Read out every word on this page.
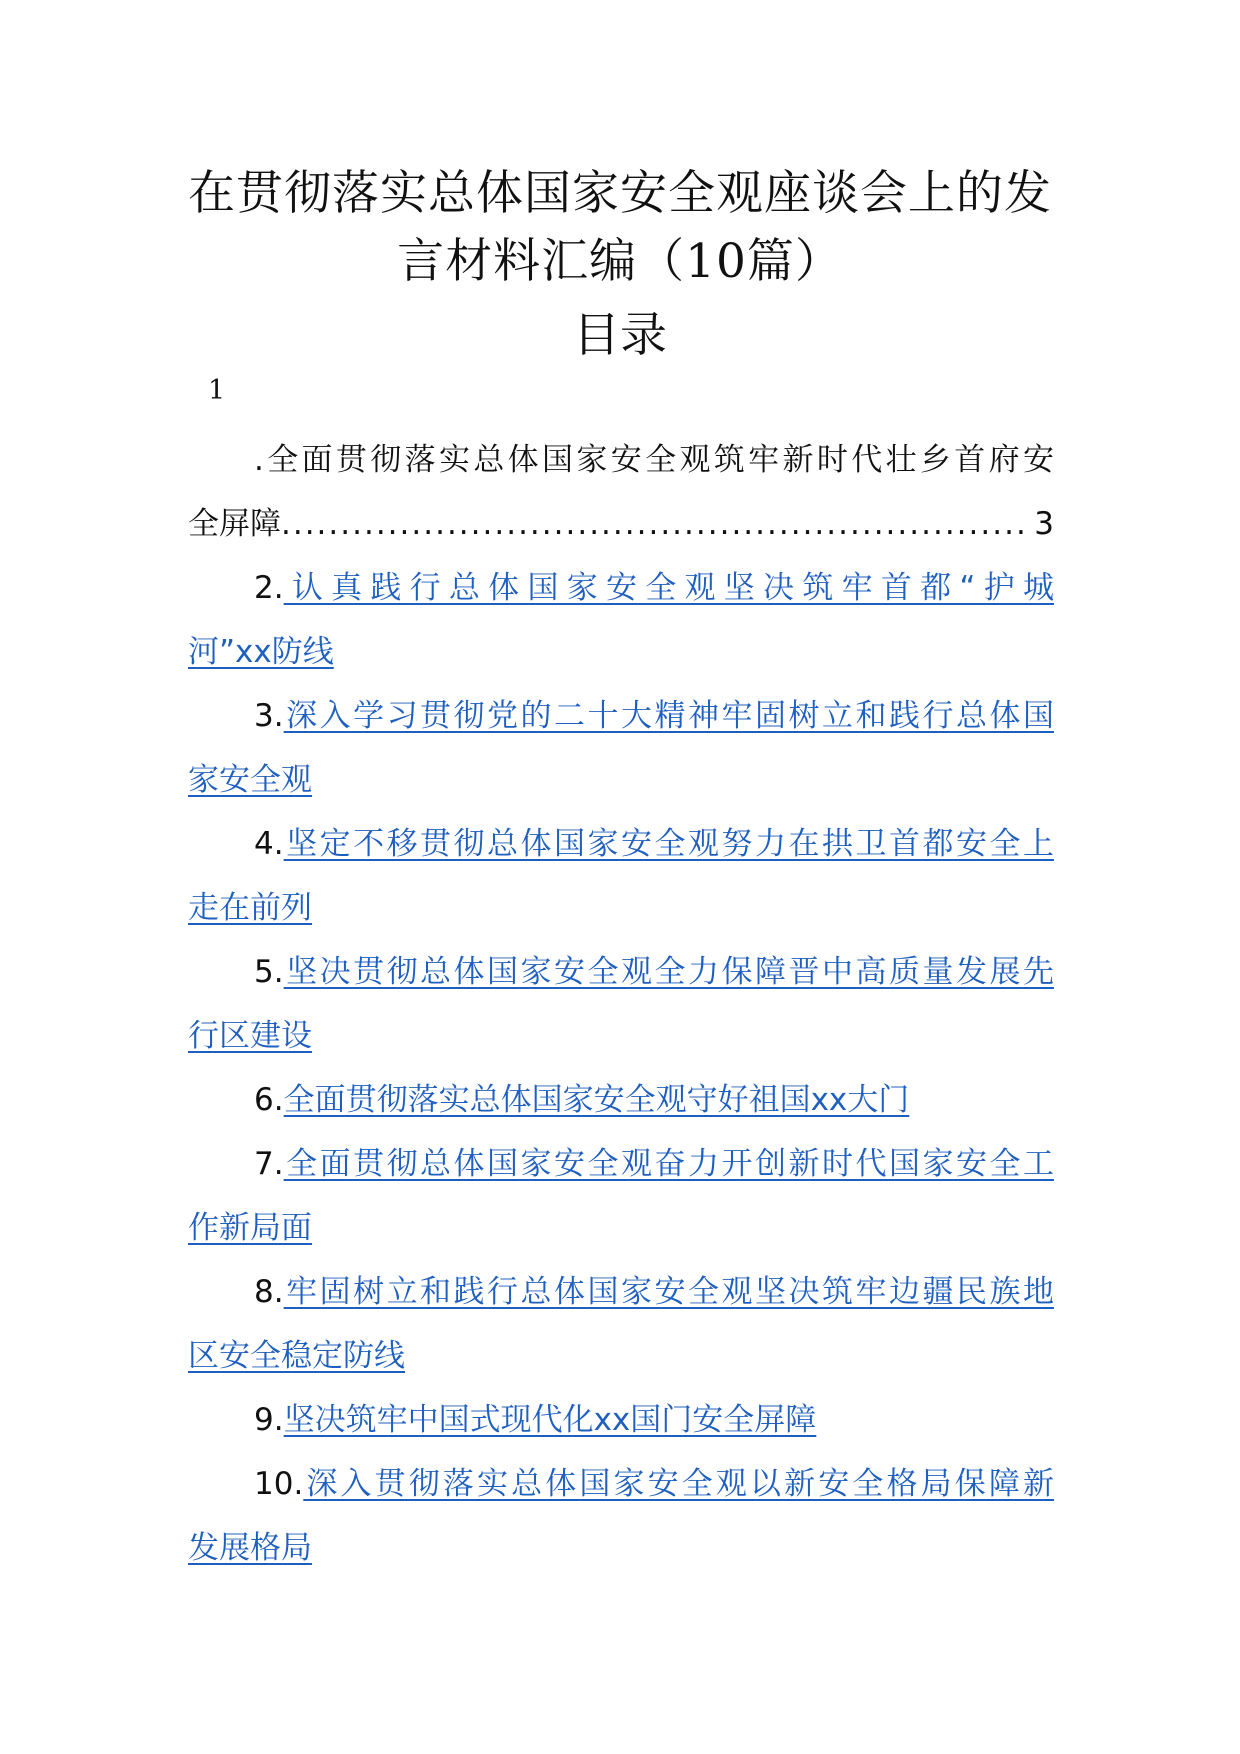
在贯彻落实总体国家安全观座谈会上的发
言材料汇编（10篇）
目录
1
.全面贯彻落实总体国家安全观筑牢新时代壮乡首府安
全屏障 ............................................................... 3
2.认真践行总体国家安全观坚决筑牢首都“护城
河”xx防线
3.深入学习贯彻党的二十大精神牢固树立和践行总体国
家安全观
4.坚定不移贯彻总体国家安全观努力在拱卫首都安全上
走在前列
5.坚决贯彻总体国家安全观全力保障晋中高质量发展先
行区建设
6.全面贯彻落实总体国家安全观守好祖国xx大门
7.全面贯彻总体国家安全观奋力开创新时代国家安全工
作新局面
8.牢固树立和践行总体国家安全观坚决筑牢边疆民族地
区安全稳定防线
9.坚决筑牢中国式现代化xx国门安全屏障
10.深入贯彻落实总体国家安全观以新安全格局保障新
发展格局
